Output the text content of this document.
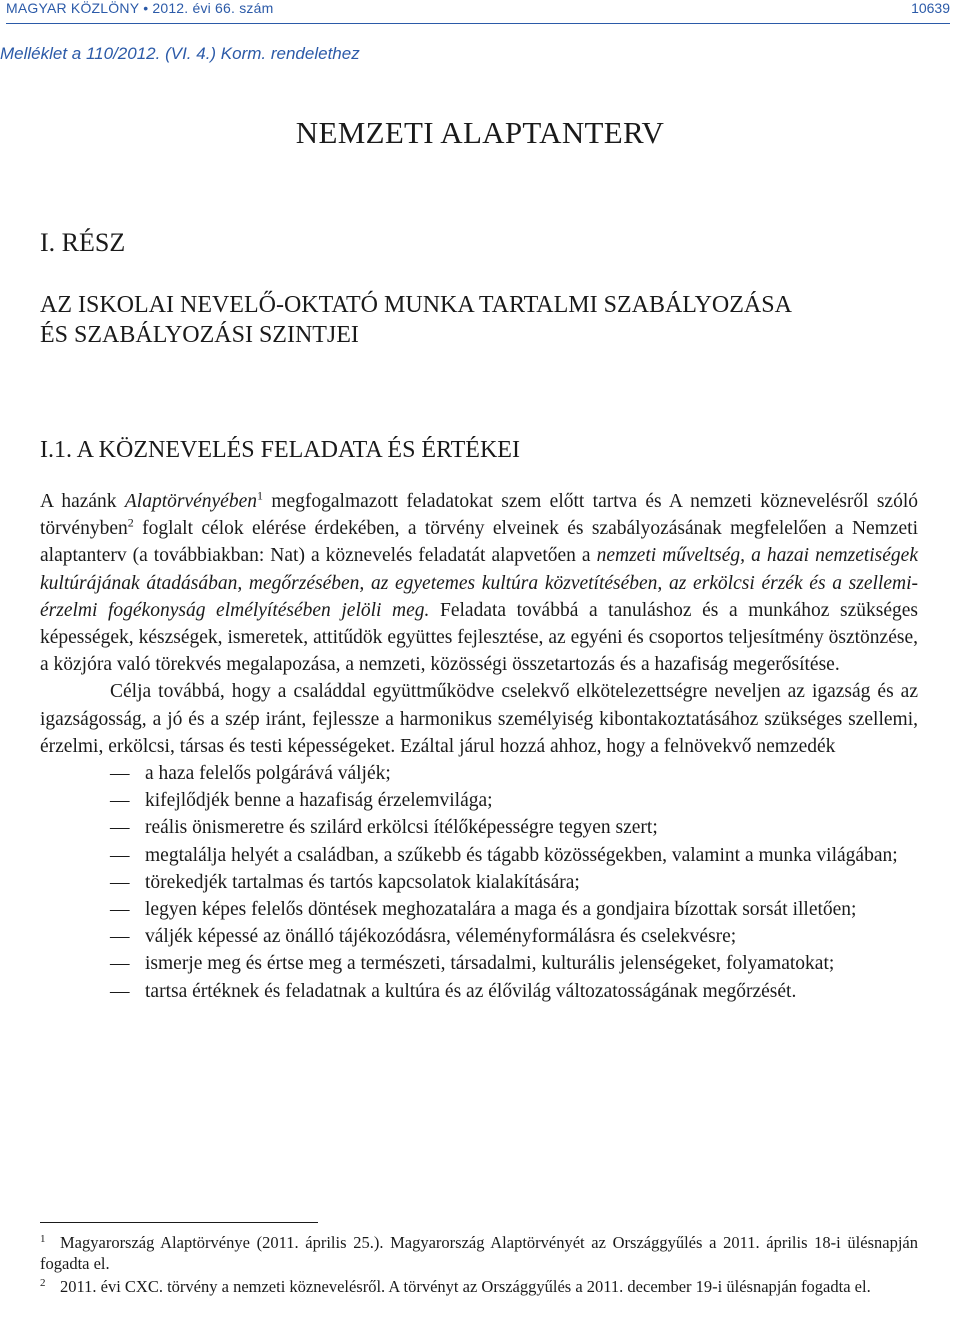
MAGYAR KÖZLÖNY • 2012. évi 66. szám	10639
Melléklet a 110/2012. (VI. 4.) Korm. rendelethez
NEMZETI ALAPTANTERV
I. RÉSZ
AZ ISKOLAI NEVELŐ-OKTATÓ MUNKA TARTALMI SZABÁLYOZÁSA
ÉS SZABÁLYOZÁSI SZINTJEI
I.1. A KÖZNEVELÉS FELADATA ÉS ÉRTÉKEI

A hazánk Alaptörvényében$^1$ megfogalmazott feladatokat szem előtt tartva és A nemzeti köznevelésről szóló törvényben$^2$ foglalt célok elérése érdekében, a törvény elveinek és szabályozásának megfelelően a Nemzeti alaptanterv (a továbbiakban: Nat) a köznevelés feladatát alapvetően a nemzeti műveltség, a hazai nemzetiségek kultúrájának átadásában, megőrzésében, az egyetemes kultúra közvetítésében, az erkölcsi érzék és a szellemi-érzelmi fogékonyság elmélyítésében jelöli meg. Feladata továbbá a tanuláshoz és a munkához szükséges képességek, készségek, ismeretek, attitűdök együttes fejlesztése, az egyéni és csoportos teljesítmény ösztönzése, a közjóra való törekvés megalapozása, a nemzeti, közösségi összetartozás és a hazafiság megerősítése.

Célja továbbá, hogy a családdal együttműködve cselekvő elkötelezettségre neveljen az igazság és az igazságosság, a jó és a szép iránt, fejlessze a harmonikus személyiség kibontakoztatásához szükséges szellemi, érzelmi, erkölcsi, társas és testi képességeket. Ezáltal járul hozzá ahhoz, hogy a felnövekvő nemzedék

— a haza felelős polgárává váljék;
— kifejlődjék benne a hazafiság érzelemvilága;
— reális önismeretre és szilárd erkölcsi ítélőképességre tegyen szert;
— megtalálja helyét a családban, a szűkebb és tágabb közösségekben, valamint a munka világában;
— törekedjék tartalmas és tartós kapcsolatok kialakítására;
— legyen képes felelős döntések meghozatalára a maga és a gondjaira bízottak sorsát illetően;
— váljék képessé az önálló tájékozódásra, véleményformálásra és cselekvésre;
— ismerje meg és értse meg a természeti, társadalmi, kulturális jelenségeket, folyamatokat;
— tartsa értéknek és feladatnak a kultúra és az élővilág változatosságának megőrzését.

1 Magyarország Alaptörvénye (2011. április 25.). Magyarország Alaptörvényét az Országgyűlés a 2011. április 18-i ülésnapján fogadta el.

2 2011. évi CXC. törvény a nemzeti köznevelésről. A törvényt az Országgyűlés a 2011. december 19-i ülésnapján fogadta el.
